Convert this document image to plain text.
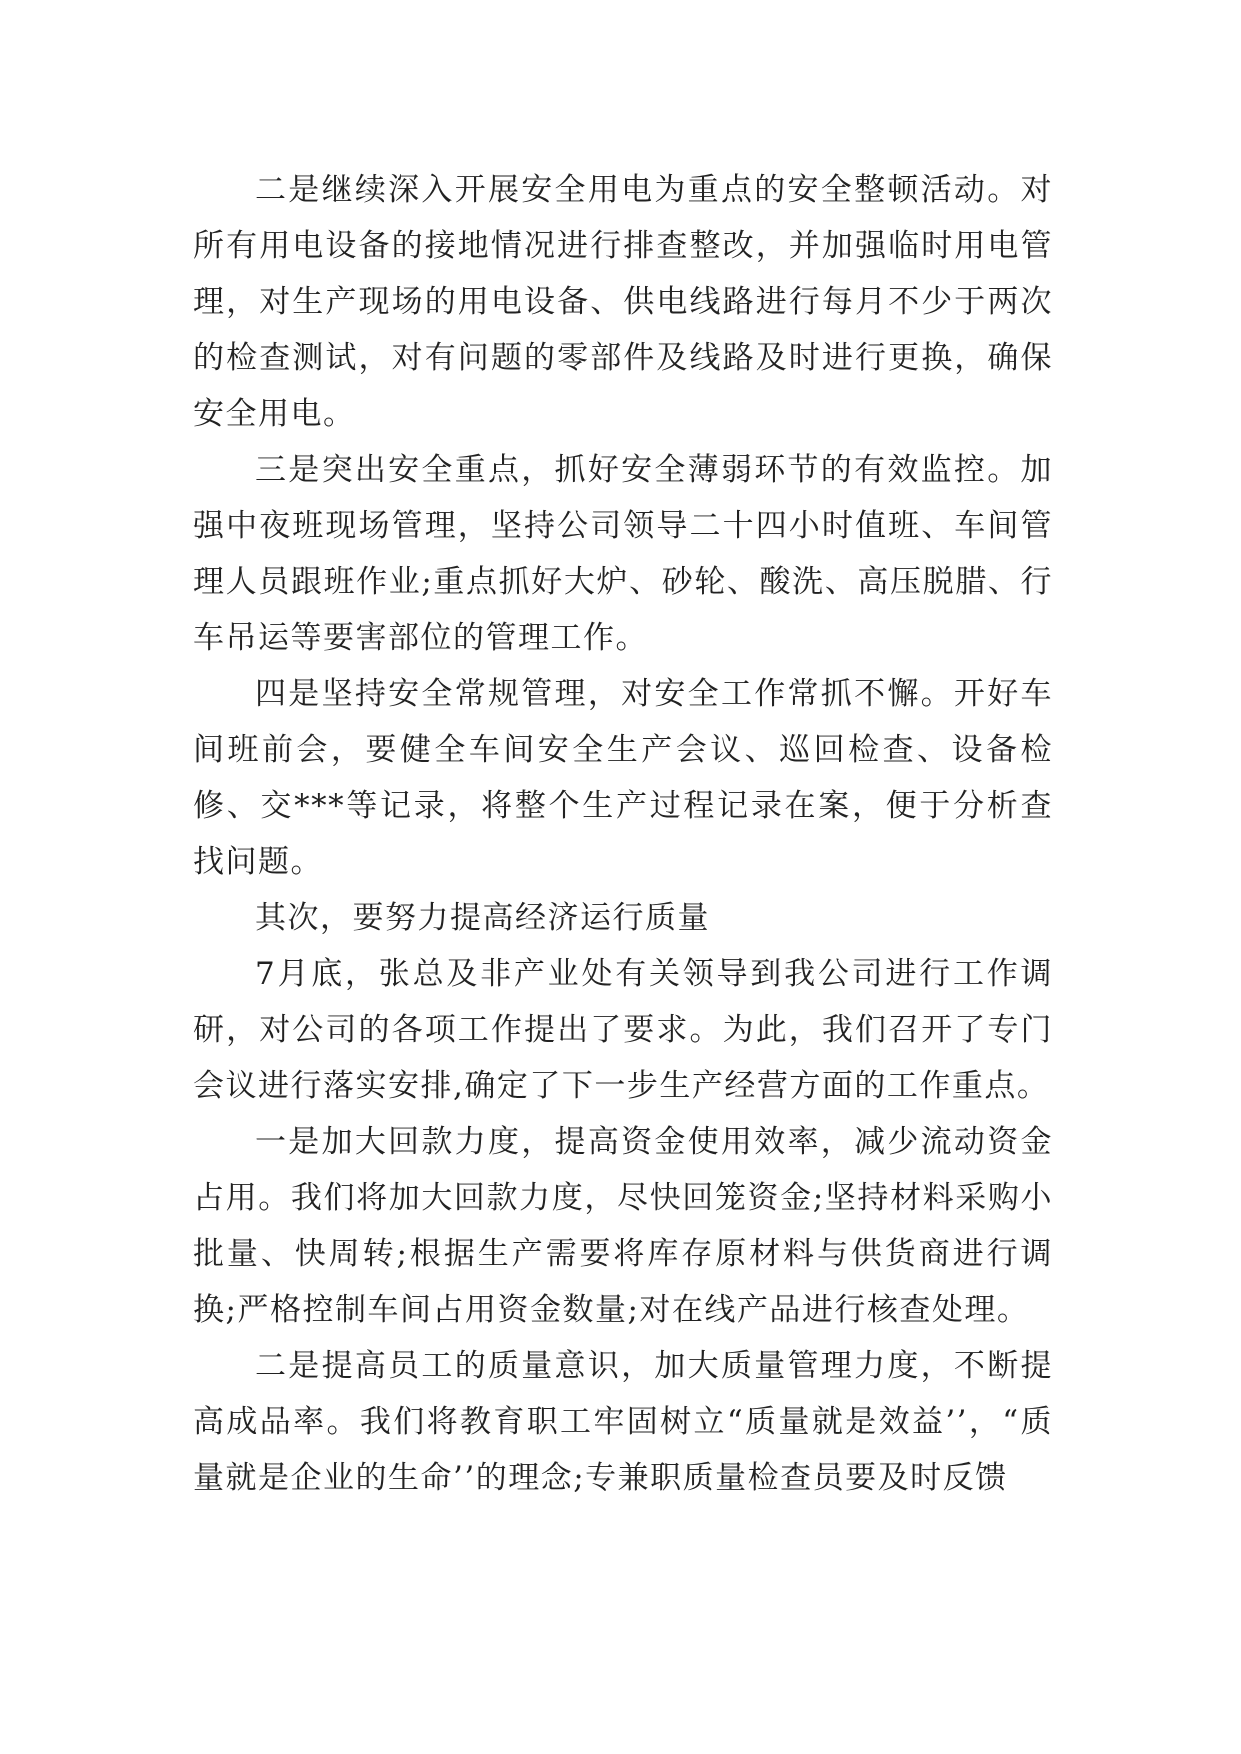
二是继续深入开展安全用电为重点的安全整顿活动。对所有用电设备的接地情况进行排查整改，并加强临时用电管理，对生产现场的用电设备、供电线路进行每月不少于两次的检查测试，对有问题的零部件及线路及时进行更换，确保安全用电。

三是突出安全重点，抓好安全薄弱环节的有效监控。加强中夜班现场管理，坚持公司领导二十四小时值班、车间管理人员跟班作业;重点抓好大炉、砂轮、酸洗、高压脱腊、行车吊运等要害部位的管理工作。

四是坚持安全常规管理，对安全工作常抓不懈。开好车间班前会，要健全车间安全生产会议、巡回检查、设备检修、交***等记录，将整个生产过程记录在案，便于分析查找问题。

其次，要努力提高经济运行质量

7月底，张总及非产业处有关领导到我公司进行工作调研，对公司的各项工作提出了要求。为此，我们召开了专门会议进行落实安排,确定了下一步生产经营方面的工作重点。

一是加大回款力度，提高资金使用效率，减少流动资金占用。我们将加大回款力度，尽快回笼资金;坚持材料采购小批量、快周转;根据生产需要将库存原材料与供货商进行调换;严格控制车间占用资金数量;对在线产品进行核查处理。

二是提高员工的质量意识，加大质量管理力度，不断提高成品率。我们将教育职工牢固树立“质量就是效益’’，“质量就是企业的生命’’的理念;专兼职质量检查员要及时反馈
